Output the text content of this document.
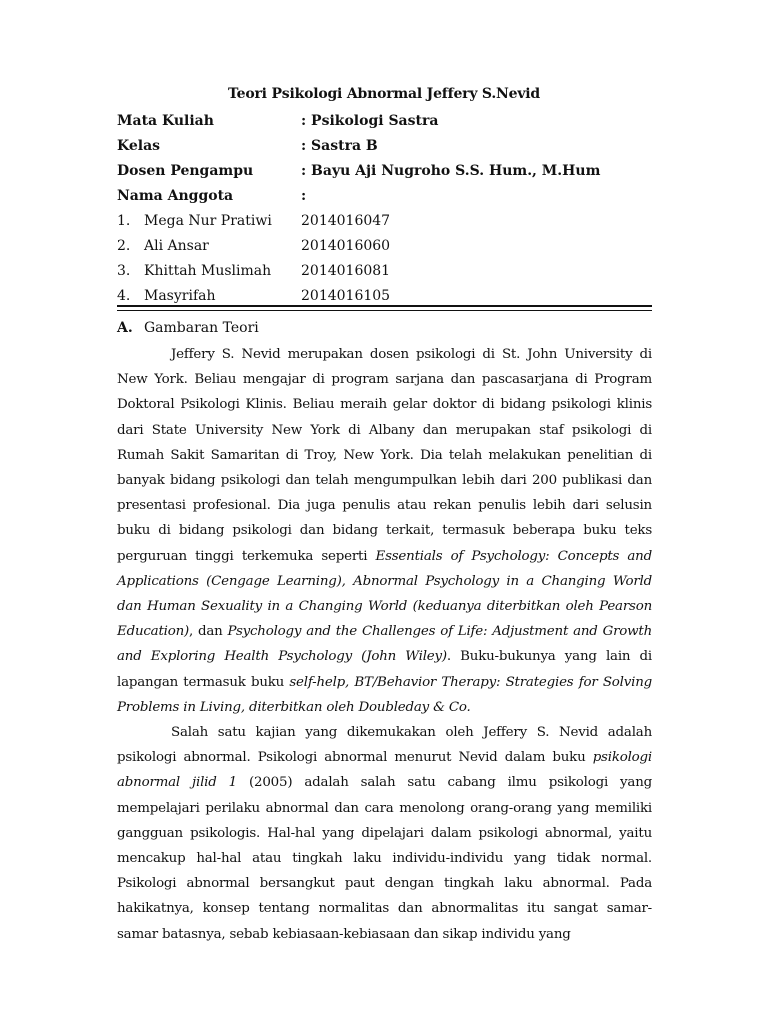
Teori Psikologi Abnormal Jeffery S.Nevid
Mata Kuliah	: Psikologi Sastra
Kelas	: Sastra B
Dosen Pengampu	: Bayu Aji Nugroho S.S. Hum., M.Hum
Nama Anggota	:
1. Mega Nur Pratiwi 2014016047
2. Ali Ansar	2014016060
3. Khittah Muslimah 2014016081
4. Masyrifah	2014016105
A. Gambaran Teori

Jeffery S. Nevid merupakan dosen psikologi di St. John University di New York. Beliau mengajar di program sarjana dan pascasarjana di Program Doktoral Psikologi Klinis. Beliau meraih gelar doktor di bidang psikologi klinis dari State University New York di Albany dan merupakan staf psikologi di Rumah Sakit Samaritan di Troy, New York. Dia telah melakukan penelitian di banyak bidang psikologi dan telah mengumpulkan lebih dari 200 publikasi dan presentasi profesional. Dia juga penulis atau rekan penulis lebih dari selusin buku di bidang psikologi dan bidang terkait, termasuk beberapa buku teks perguruan tinggi terkemuka seperti Essentials of Psychology: Concepts and Applications (Cengage Learning), Abnormal Psychology in a Changing World dan Human Sexuality in a Changing World (keduanya diterbitkan oleh Pearson Education), dan Psychology and the Challenges of Life: Adjustment and Growth and Exploring Health Psychology (John Wiley). Buku-bukunya yang lain di lapangan termasuk buku self-help, BT/Behavior Therapy: Strategies for Solving Problems in Living, diterbitkan oleh Doubleday & Co.

Salah satu kajian yang dikemukakan oleh Jeffery S. Nevid adalah psikologi abnormal. Psikologi abnormal menurut Nevid dalam buku psikologi abnormal jilid 1 (2005) adalah salah satu cabang ilmu psikologi yang mempelajari perilaku abnormal dan cara menolong orang-orang yang memiliki gangguan psikologis. Hal-hal yang dipelajari dalam psikologi abnormal, yaitu mencakup hal-hal atau tingkah laku individu-individu yang tidak normal. Psikologi abnormal bersangkut paut dengan tingkah laku abnormal. Pada hakikatnya, konsep tentang normalitas dan abnormalitas itu sangat samar-samar batasnya, sebab kebiasaan-kebiasaan dan sikap individu yang
